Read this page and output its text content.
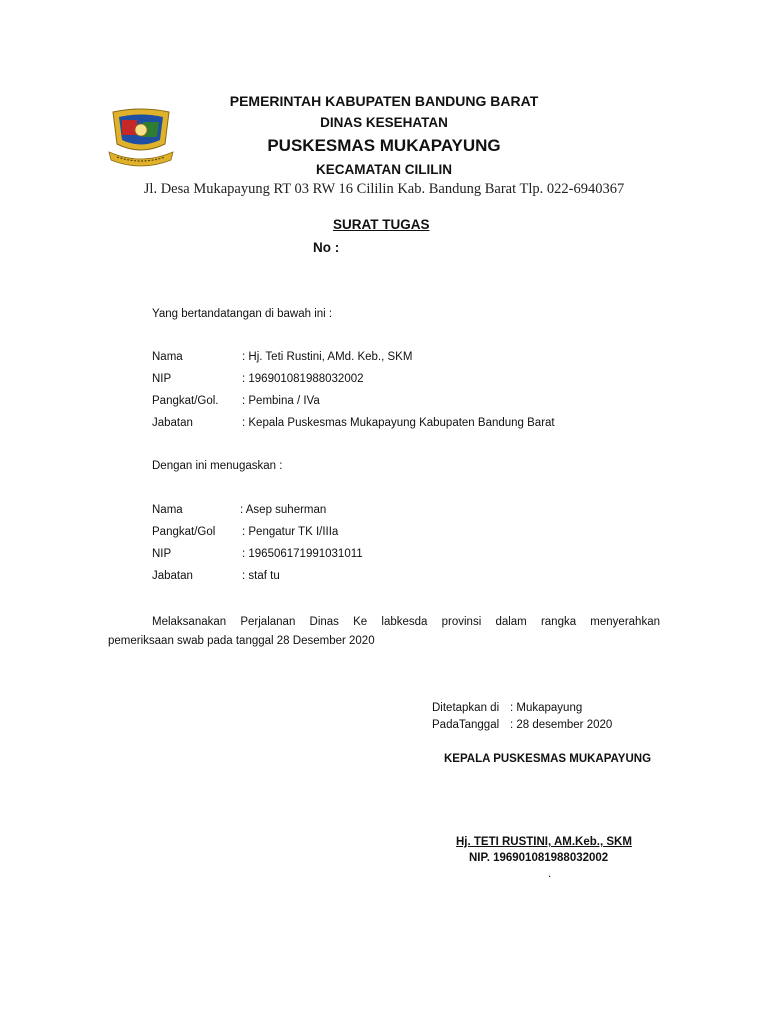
PEMERINTAH KABUPATEN BANDUNG BARAT
DINAS KESEHATAN
PUSKESMAS MUKAPAYUNG
KECAMATAN CILILIN
Jl. Desa Mukapayung RT 03 RW 16 Cililin Kab. Bandung Barat Tlp. 022-6940367
SURAT TUGAS
No :
Yang bertandatangan di bawah ini :
Nama	: Hj. Teti Rustini, AMd. Keb., SKM
NIP	: 196901081988032002
Pangkat/Gol. : Pembina / IVa
Jabatan	: Kepala Puskesmas Mukapayung Kabupaten Bandung Barat
Dengan ini menugaskan :
Nama	: Asep suherman
Pangkat/Gol : Pengatur TK I/IIIa
NIP	: 196506171991031011
Jabatan	: staf tu
Melaksanakan Perjalanan Dinas Ke labkesda provinsi dalam rangka menyerahkan
pemeriksaan swab pada tanggal 28 Desember 2020
Ditetapkan di : Mukapayung
PadaTanggal : 28 desember 2020
KEPALA PUSKESMAS MUKAPAYUNG
Hj. TETI RUSTINI, AM.Keb., SKM
NIP. 196901081988032002
.
